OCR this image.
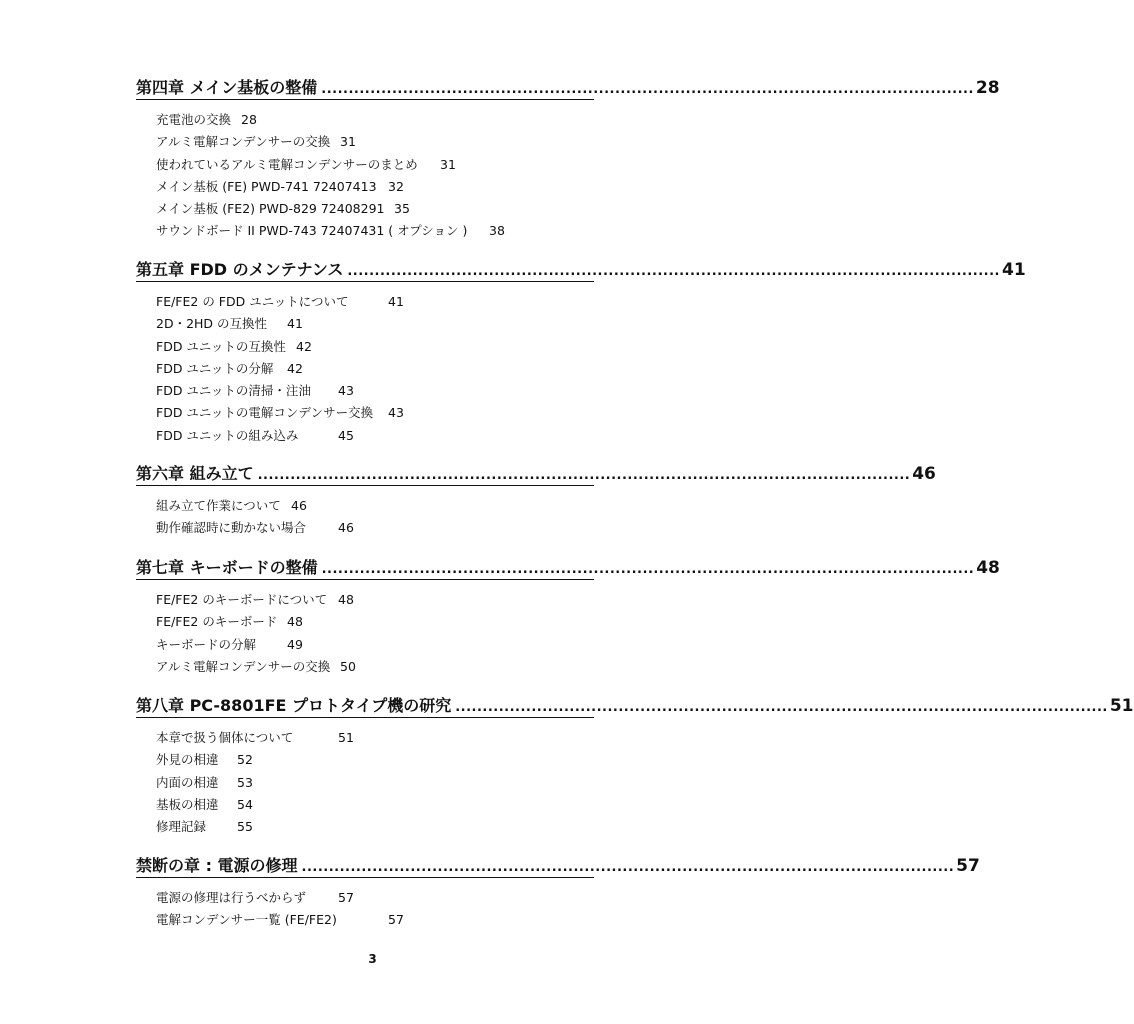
第四章 メイン基板の整備 ........................................................................................................................ 28
充電池の交換 28
アルミ電解コンデンサーの交換 31
使われているアルミ電解コンデンサーのまとめ 31
メイン基板 (FE) PWD-741 72407413 32
メイン基板 (FE2) PWD-829 72408291 35
サウンドボード II PWD-743 72407431 ( オプション ) 38
第五章 FDD のメンテナンス ........................................................................................................................ 41
FE/FE2 の FDD ユニットについて	41
2D・2HD の互換性 41
FDD ユニットの互換性 42
FDD ユニットの分解 42
FDD ユニットの清掃・注油 43
FDD ユニットの電解コンデンサー交換 43
FDD ユニットの組み込み	45
第六章 組み立て ........................................................................................................................ 46
組み立て作業について 46
動作確認時に動かない場合	46
第七章 キーボードの整備 ........................................................................................................................ 48
FE/FE2 のキーボードについて 48
FE/FE2 のキーボード 48
キーボードの分解 49
アルミ電解コンデンサーの交換 50
第八章 PC-8801FE プロトタイプ機の研究 ........................................................................................................................ 51
本章で扱う個体について	51
外見の相違 52
内面の相違 53
基板の相違 54
修理記録 55
禁断の章 : 電源の修理 ........................................................................................................................ 57
電源の修理は行うべからず	57
電解コンデンサー一覧 (FE/FE2)	57
3
